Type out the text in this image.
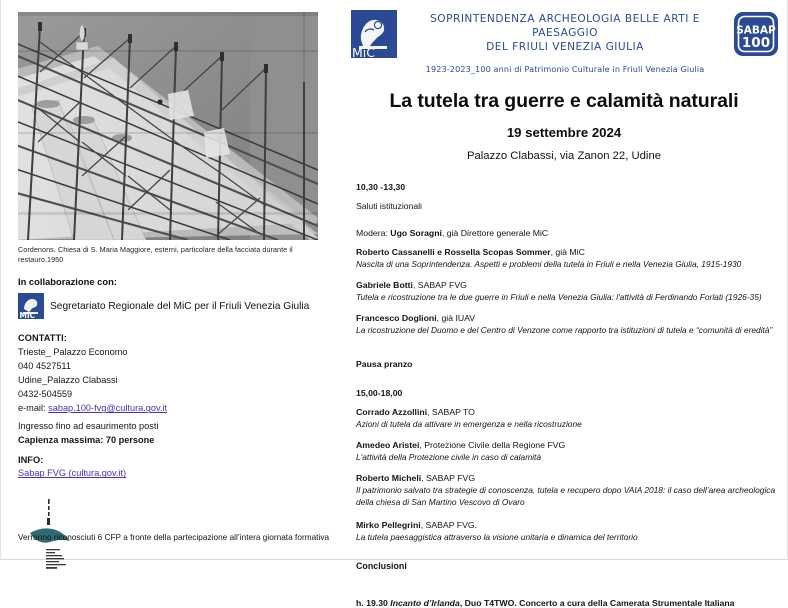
Cordenons. Chiesa di S. Maria Maggiore, esterni, particolare della facciata durante il restauro.1950
In collaborazione con:
MiC
Segretariato Regionale del MiC per il Friuli Venezia Giulia
CONTATTI:
Trieste_ Palazzo Economo
040 4527511
Udine_Palazzo Clabassi
0432-504559
e-mail: sabap.100-fvg@cultura.gov.it
Ingresso fino ad esaurimento posti
Capienza massima: 70 persone
INFO:
Sabap FVG (cultura.gov.it)
Verranno riconosciuti 6 CFP a fronte della partecipazione all’intera giornata formativa
MiC
SOPRINTENDENZA ARCHEOLOGIA BELLE ARTI E PAESAGGIO
DEL FRIULI VENEZIA GIULIA
1923-2023_100 anni di Patrimonio Culturale in Friuli Venezia Giulia
SABAP
100
La tutela tra guerre e calamità naturali
19 settembre 2024
Palazzo Clabassi, via Zanon 22, Udine
10,30 -13,30
Saluti istituzionali
Modera: Ugo Soragni, già Direttore generale MiC
Roberto Cassanelli e Rossella Scopas Sommer, già MiC
Nascita di una Soprintendenza. Aspetti e problemi della tutela in Friuli e nella Venezia Giulia, 1915-1930
Gabriele Botti, SABAP FVG
Tutela e ricostruzione tra le due guerre in Friuli e nella Venezia Giulia: l'attività di Ferdinando Forlati (1926-35)
Francesco Doglioni, già IUAV
La ricostruzione del Duomo e del Centro di Venzone come rapporto tra istituzioni di tutela e “comunità di eredità”
Pausa pranzo
15,00-18,00
Corrado Azzollini, SABAP TO
Azioni di tutela da attivare in emergenza e nella ricostruzione
Amedeo Aristei, Protezione Civile della Regione FVG
L'attività della Protezione civile in caso di calamità
Roberto Micheli, SABAP FVG
Il patrimonio salvato tra strategie di conoscenza, tutela e recupero dopo VAIA 2018: il caso dell’area archeologica della chiesa di San Martino Vescovo di Ovaro
Mirko Pellegrini, SABAP FVG.
La tutela paesaggistica attraverso la visione unitaria e dinamica del territorio
Conclusioni
h. 19.30 Incanto d’Irlanda, Duo T4TWO. Concerto a cura della Camerata Strumentale Italiana
